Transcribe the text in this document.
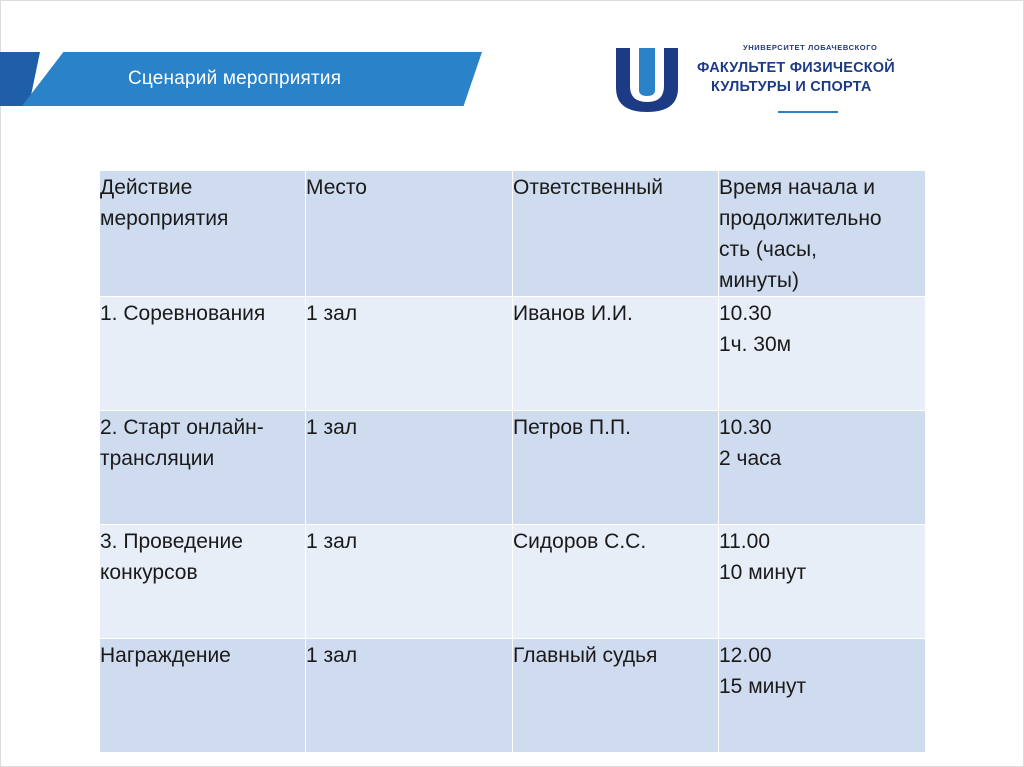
Сценарий мероприятия
УНИВЕРСИТЕТ ЛОБАЧЕВСКОГО
ФАКУЛЬТЕТ ФИЗИЧЕСКОЙ
КУЛЬТУРЫ И СПОРТА
Действие
мероприятия	Место	Ответственный	Время начала и
продолжительно
сть (часы,
минуты)

1. Соревнования	1 зал	Иванов И.И.	10.30
1ч. 30м

2. Старт онлайн-
трансляции	1 зал	Петров П.П.	10.30
2 часа

3. Проведение
конкурсов	1 зал	Сидоров С.С.	11.00
10 минут

Награждение	1 зал	Главный судья	12.00
15 минут
